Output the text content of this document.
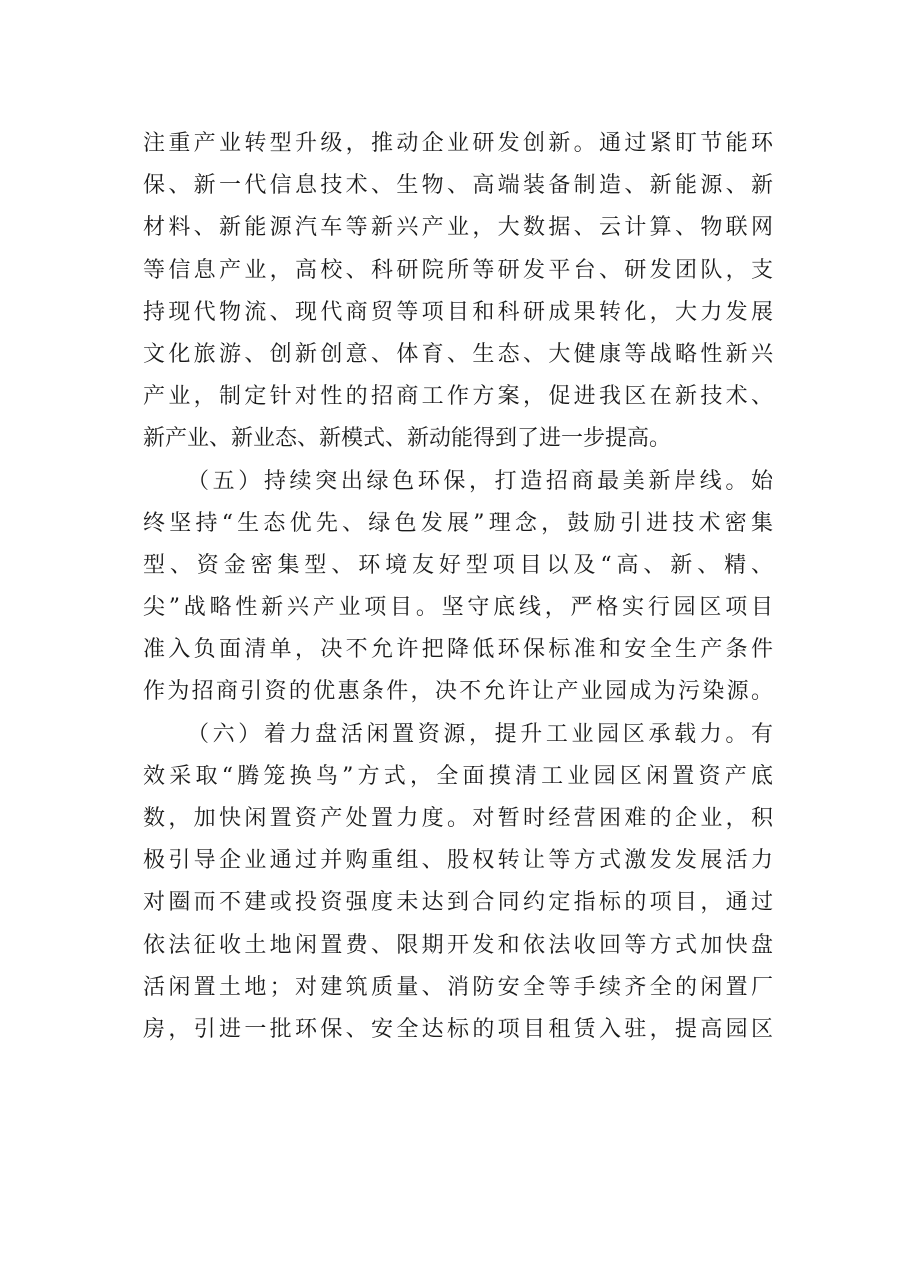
注重产业转型升级，推动企业研发创新。通过紧盯节能环
保、新一代信息技术、生物、高端装备制造、新能源、新
材料、新能源汽车等新兴产业，大数据、云计算、物联网
等信息产业，高校、科研院所等研发平台、研发团队，支
持现代物流、现代商贸等项目和科研成果转化，大力发展
文化旅游、创新创意、体育、生态、大健康等战略性新兴
产业，制定针对性的招商工作方案，促进我区在新技术、
新产业、新业态、新模式、新动能得到了进一步提高。
（五）持续突出绿色环保，打造招商最美新岸线。始
终坚持“生态优先、绿色发展”理念，鼓励引进技术密集
型、资金密集型、环境友好型项目以及“高、新、精、
尖”战略性新兴产业项目。坚守底线，严格实行园区项目
准入负面清单，决不允许把降低环保标准和安全生产条件
作为招商引资的优惠条件，决不允许让产业园成为污染源。
（六）着力盘活闲置资源，提升工业园区承载力。有
效采取“腾笼换鸟”方式，全面摸清工业园区闲置资产底
数，加快闲置资产处置力度。对暂时经营困难的企业，积
极引导企业通过并购重组、股权转让等方式激发发展活力
对圈而不建或投资强度未达到合同约定指标的项目，通过
依法征收土地闲置费、限期开发和依法收回等方式加快盘
活闲置土地；对建筑质量、消防安全等手续齐全的闲置厂
房，引进一批环保、安全达标的项目租赁入驻，提高园区
